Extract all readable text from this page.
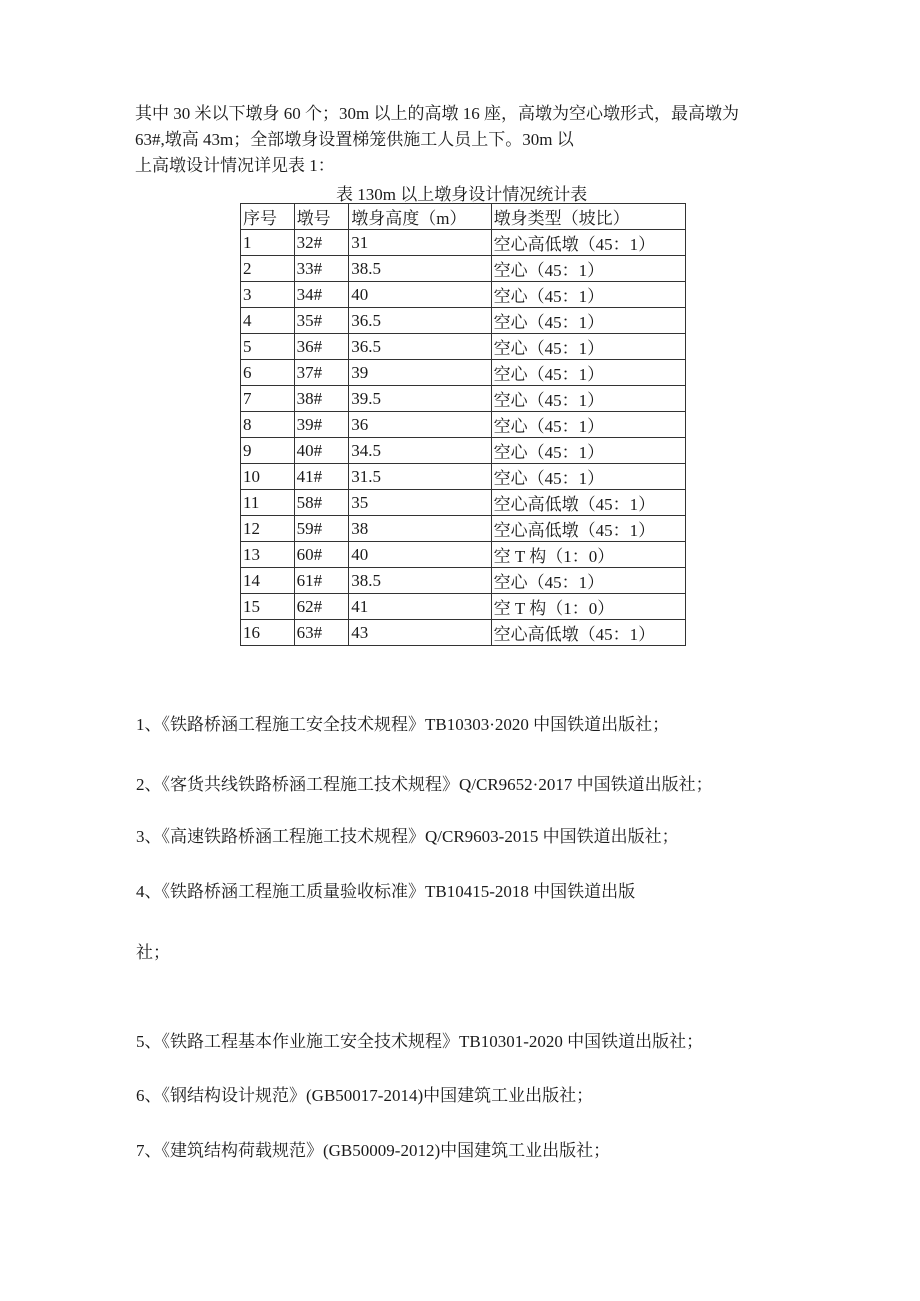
其中 30 米以下墩身 60 个；30m 以上的高墩 16 座，高墩为空心墩形式，最高墩为

63#,墩高 43m；全部墩身设置梯笼供施工人员上下。30m 以

上高墩设计情况详见表 1：

表 130m 以上墩身设计情况统计表
序号	墩号	墩身高度（m）	墩身类型（坡比）
1	32#	31	空心高低墩（45：1）
2	33#	38.5	空心（45：1）
3	34#	40	空心（45：1）
4	35#	36.5	空心（45：1）
5	36#	36.5	空心（45：1）
6	37#	39	空心（45：1）
7	38#	39.5	空心（45：1）
8	39#	36	空心（45：1）
9	40#	34.5	空心（45：1）
10	41#	31.5	空心（45：1）
11	58#	35	空心高低墩（45：1）
12	59#	38	空心高低墩（45：1）
13	60#	40	空 T 构（1：0）
14	61#	38.5	空心（45：1）
15	62#	41	空 T 构（1：0）
16	63#	43	空心高低墩（45：1）
1、《铁路桥涵工程施工安全技术规程》TB10303·2020 中国铁道出版社；
2、《客货共线铁路桥涵工程施工技术规程》Q/CR9652·2017 中国铁道出版社；
3、《高速铁路桥涵工程施工技术规程》Q/CR9603-2015 中国铁道出版社；
4、《铁路桥涵工程施工质量验收标准》TB10415-2018 中国铁道出版
社；
5、《铁路工程基本作业施工安全技术规程》TB10301-2020 中国铁道出版社；
6、《钢结构设计规范》(GB50017-2014)中国建筑工业出版社；
7、《建筑结构荷载规范》(GB50009-2012)中国建筑工业出版社；
